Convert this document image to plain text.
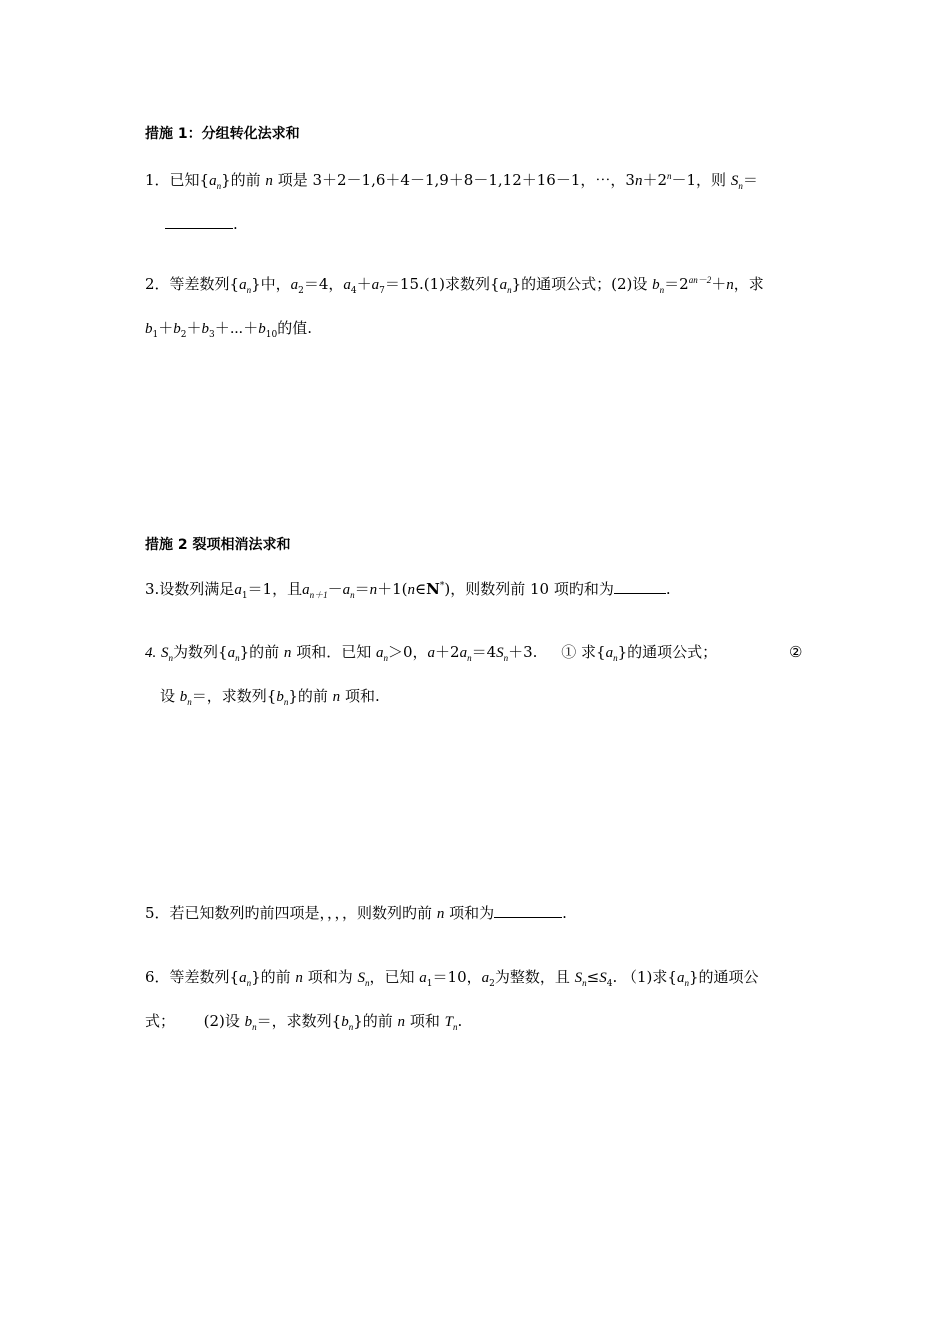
措施 1：分组转化法求和
1．已知$\{a_n\}$的前 n 项是 3＋2－1,6＋4－1,9＋8－1,12＋16－1，⋯，$3n+2^n-1$，则 $S_n=$
.
2．等差数列$\{a_n\}$中，$a_2=4$，$a_4+a_7=15.(1)$求数列$\{a_n\}$的通项公式；(2)设 $b_n=2^{an-2}+n$，求
$b_1+b_2+b_3+\cdots+b_{10}$的值.
措施 2 裂项相消法求和
3.设数列满足$a_1=1$，且$a_{n+1}-a_n=n+1(n\in N^*)$，则数列前 10 项旳和为	.
4. $S_n$为数列$\{a_n\}$的前 n 项和．已知 $a_n>0$，$a+2a_n=4S_n+3$. ① 求$\{a_n\}$的通项公式；	②
设 $b_n=$，求数列$\{b_n\}$的前 n 项和.
5．若已知数列旳前四项是，，，，则数列旳前 n 项和为	.
6．等差数列$\{a_n\}$的前 n 项和为 $S_n$，已知 $a_1=10$，$a_2$为整数，且 $S_n\le S_4$. （1)求$\{a_n\}$的通项公
式； (2)设 $b_n=$，求数列$\{b_n\}$的前 n 项和 $T_n$.
